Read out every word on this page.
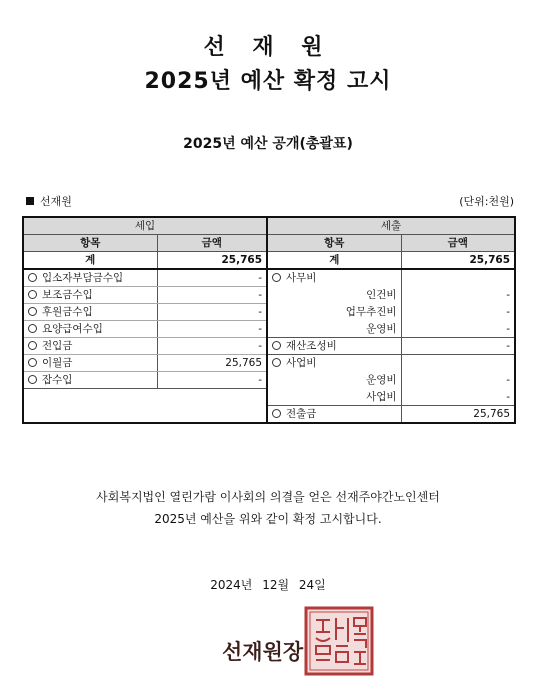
선 재 원
2025년 예산 확정 고시
2025년 예산 공개(총괄표)
선재원	(단위:천원)
세입		세출	
항목	금액	항목	금액
계	25,765	계	25,765
입소자부담금수입	-	사무비	
보조금수입	-	인건비	-
후원금수입	-	업무추진비	-
요양급여수입	-	운영비	-
전입금	-	재산조성비	-
이월금	25,765	사업비	
잡수입	-	운영비	-
		사업비	-
		전출금	25,765
사회복지법인 열린가람 이사회의 의결을 얻은 선재주야간노인센터
2025년 예산을 위와 같이 확정 고시합니다.
2024년 12월 24일
선재원장
